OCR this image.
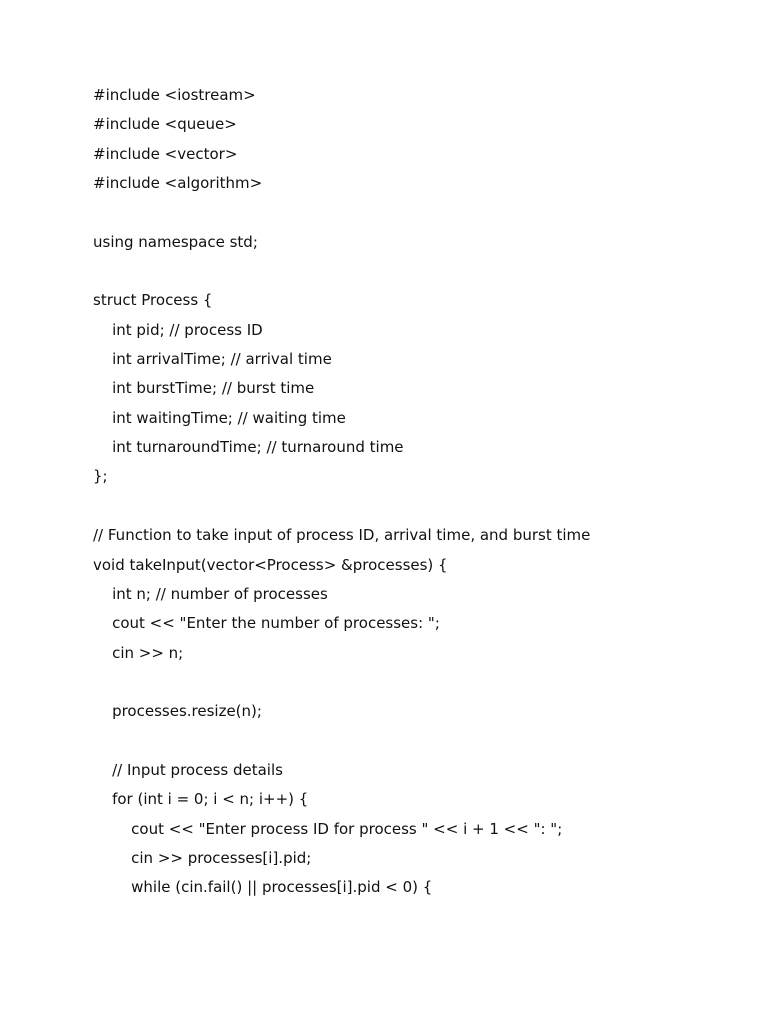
#include <iostream>
#include <queue>
#include <vector>
#include <algorithm>
using namespace std;
struct Process {
int pid; // process ID
int arrivalTime; // arrival time
int burstTime; // burst time
int waitingTime; // waiting time
int turnaroundTime; // turnaround time
};
// Function to take input of process ID, arrival time, and burst time
void takeInput(vector<Process> &processes) {
int n; // number of processes
cout << "Enter the number of processes: ";
cin >> n;
processes.resize(n);
// Input process details
for (int i = 0; i < n; i++) {
cout << "Enter process ID for process " << i + 1 << ": ";
cin >> processes[i].pid;
while (cin.fail() || processes[i].pid < 0) {
